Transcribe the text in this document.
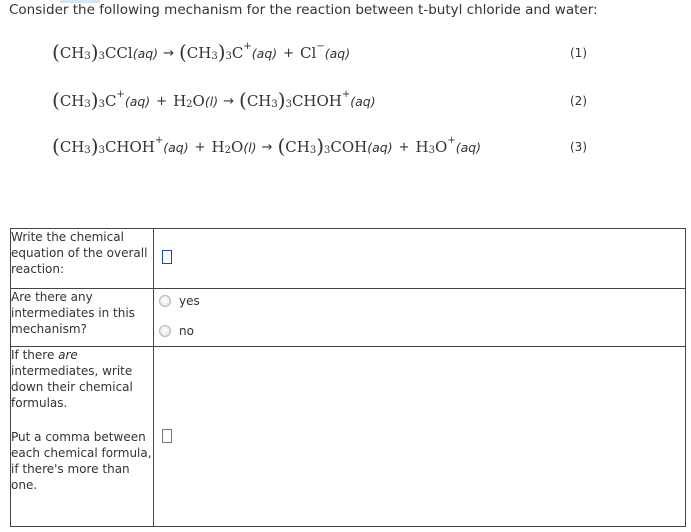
Consider the following mechanism for the reaction between t-butyl chloride and water:
( $CH_3$ )$_3$ CCl (aq) → ( $CH_3$ )$_3$ C+ (aq) + Cl− (aq)	(1)
( $CH_3$ )$_3$ C+ $(aq) + H_2$ O (l) → ( $CH_3$ )$_3$ CHOH+ (aq)	(2)
( $CH_3$ )$_3$ CHOH+ $(aq) + H_2$ O (l) → ( $CH_3$ )$_3$ COH $(aq) + H_3$ O+ (aq)	(3)
Write the chemical equation of the overall reaction:	

Are there any intermediates in this mechanism?	yes
no

If there are intermediates, write down their chemical formulas.
Put a comma between each chemical formula, if there's more than one.	
